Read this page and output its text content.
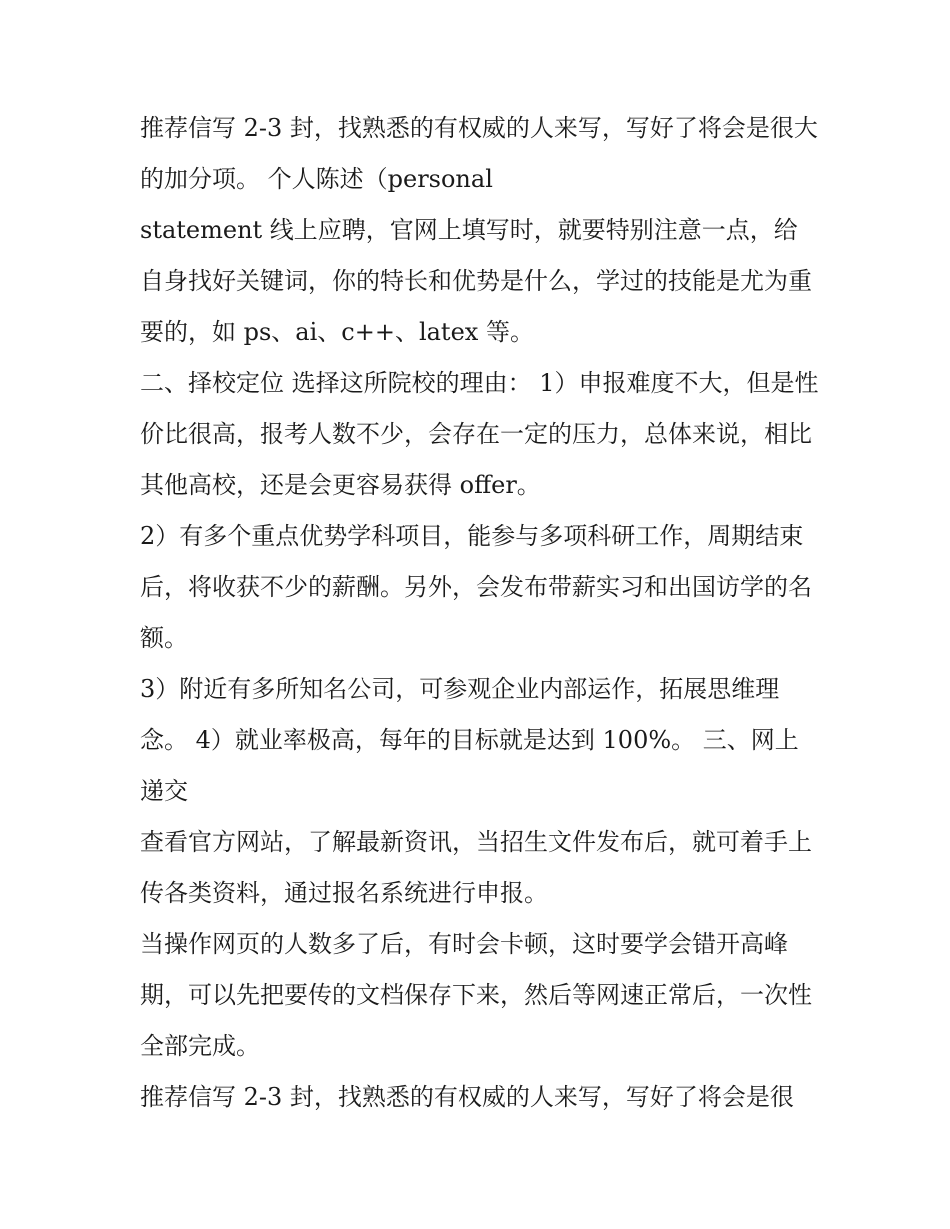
推荐信写 2-3 封，找熟悉的有权威的人来写，写好了将会是很大的加分项。 个人陈述（personal

statement 线上应聘，官网上填写时，就要特别注意一点，给自身找好关键词，你的特长和优势是什么，学过的技能是尤为重要的，如 ps、ai、c++、latex 等。

二、择校定位 选择这所院校的理由： 1）申报难度不大，但是性价比很高，报考人数不少，会存在一定的压力，总体来说，相比其他高校，还是会更容易获得 offer。

2）有多个重点优势学科项目，能参与多项科研工作，周期结束后，将收获不少的薪酬。另外，会发布带薪实习和出国访学的名额。

3）附近有多所知名公司，可参观企业内部运作，拓展思维理念。 4）就业率极高，每年的目标就是达到 100%。 三、网上递交

查看官方网站，了解最新资讯，当招生文件发布后，就可着手上传各类资料，通过报名系统进行申报。

当操作网页的人数多了后，有时会卡顿，这时要学会错开高峰期，可以先把要传的文档保存下来，然后等网速正常后，一次性全部完成。

推荐信写 2-3 封，找熟悉的有权威的人来写，写好了将会是很
